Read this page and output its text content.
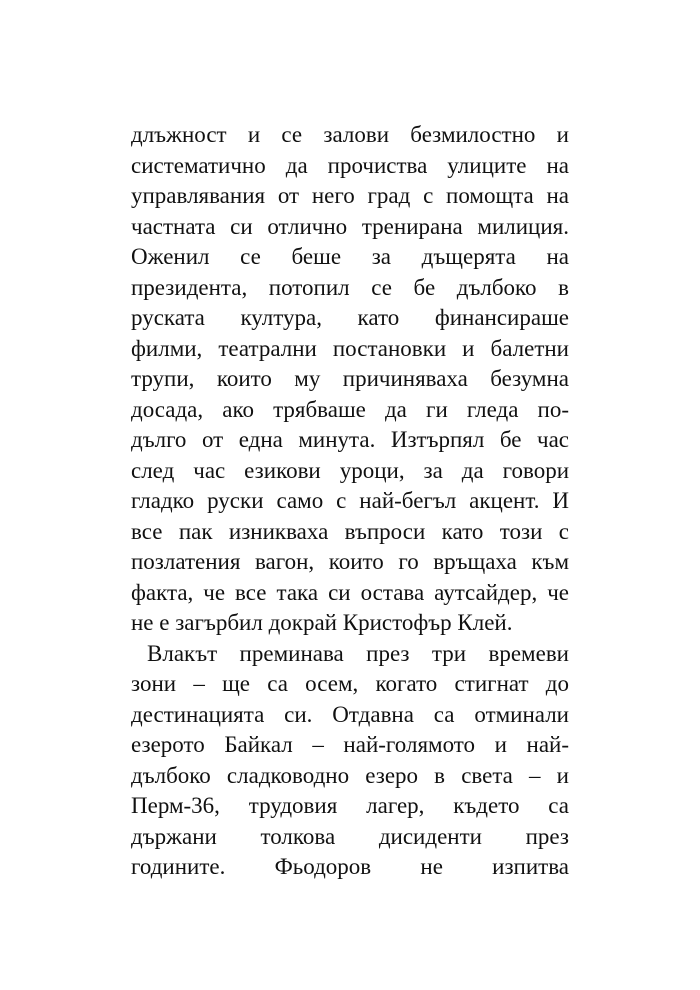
длъжност и се залови безмилостно и
систематично да прочиства улиците на
управлявания от него град с помощта на
частната си отлично тренирана милиция.
Оженил се беше за дъщерята на
президента, потопил се бе дълбоко в
руската култура, като финансираше
филми, театрални постановки и балетни
трупи, които му причиняваха безумна
досада, ако трябваше да ги гледа по-
дълго от една минута. Изтърпял бе час
след час езикови уроци, за да говори
гладко руски само с най-бегъл акцент. И
все пак изникваха въпроси като този с
позлатения вагон, които го връщаха към
факта, че все така си остава аутсайдер, че
не е загърбил докрай Кристофър Клей.
Влакът преминава през три времеви
зони – ще са осем, когато стигнат до
дестинацията си. Отдавна са отминали
езерото Байкал – най-голямото и най-
дълбоко сладководно езеро в света – и
Перм-36, трудовия лагер, където са
държани толкова дисиденти през
годините. Фьодоров не изпитва
